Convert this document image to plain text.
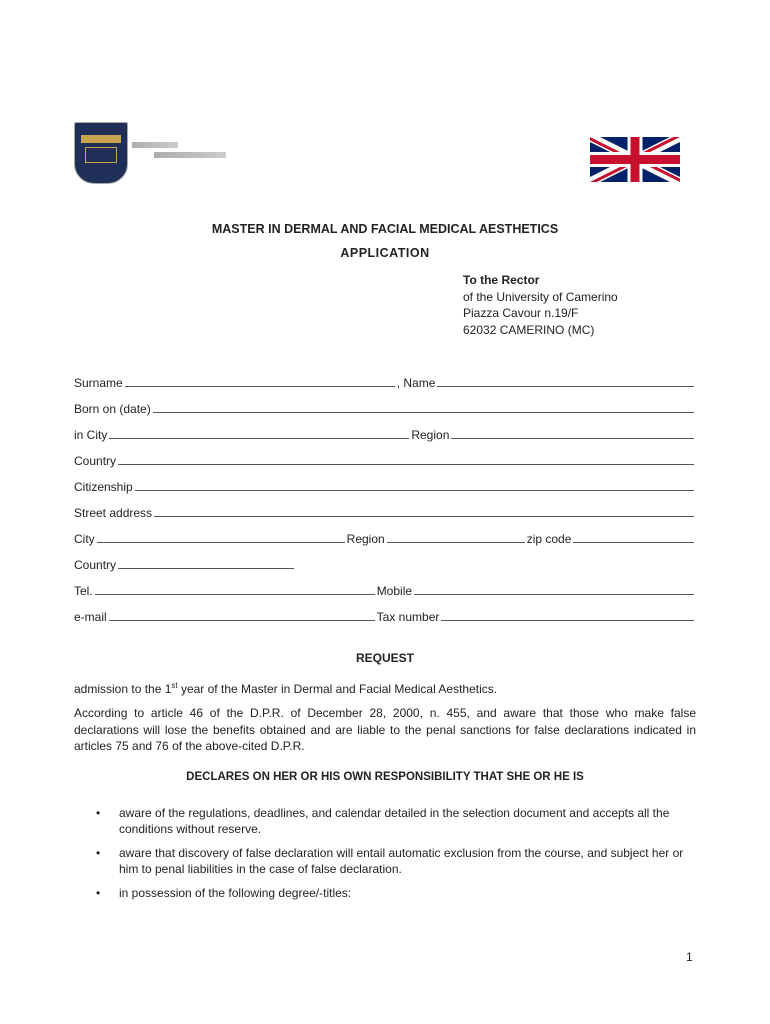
MASTER IN DERMAL AND FACIAL MEDICAL AESTHETICS
APPLICATION
To the Rector
of the University of Camerino
Piazza Cavour n.19/F
62032 CAMERINO (MC)
Surname	, Name
Born on (date)
in City	Region
Country
Citizenship
Street address
City	Region	zip code
Country
Tel.	Mobile
e-mail	Tax number
REQUEST
admission to the 1st year of the Master in Dermal and Facial Medical Aesthetics.
According to article 46 of the D.P.R. of December 28, 2000, n. 455, and aware that those who make false declarations will lose the benefits obtained and are liable to the penal sanctions for false declarations indicated in articles 75 and 76 of the above-cited D.P.R.
DECLARES ON HER OR HIS OWN RESPONSIBILITY THAT SHE OR HE IS
• aware of the regulations, deadlines, and calendar detailed in the selection document and accepts all the conditions without reserve.
• aware that discovery of false declaration will entail automatic exclusion from the course, and subject her or him to penal liabilities in the case of false declaration.
• in possession of the following degree/-titles:
1
